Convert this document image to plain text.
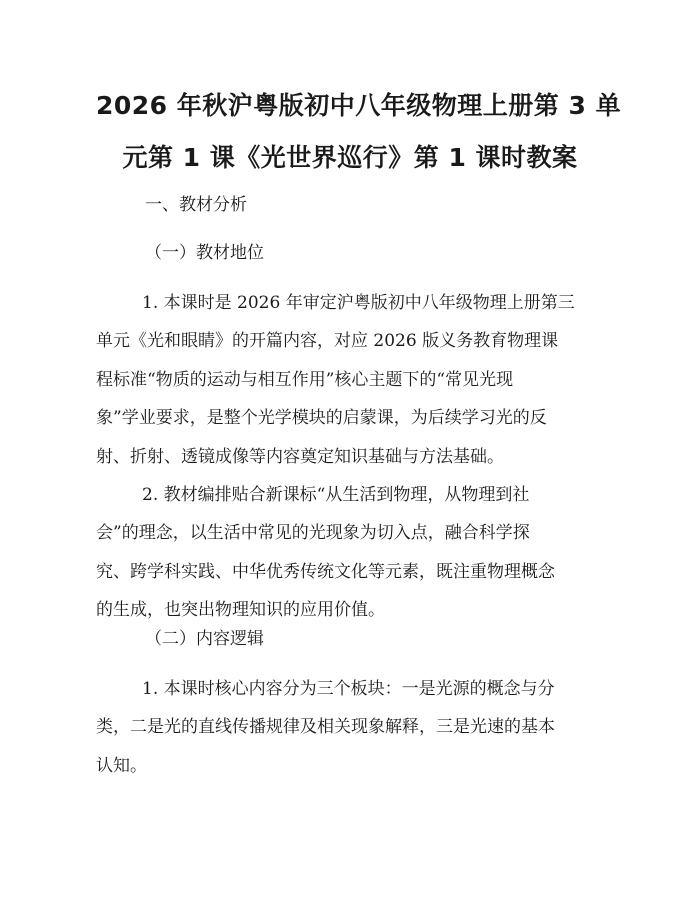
2026 年秋沪粤版初中八年级物理上册第 3 单
元第 1 课《光世界巡行》第 1 课时教案
一、教材分析
（一）教材地位

1. 本课时是 2026 年审定沪粤版初中八年级物理上册第三
单元《光和眼睛》的开篇内容，对应 2026 版义务教育物理课
程标准“物质的运动与相互作用”核心主题下的“常见光现
象”学业要求，是整个光学模块的启蒙课，为后续学习光的反
射、折射、透镜成像等内容奠定知识基础与方法基础。

2. 教材编排贴合新课标“从生活到物理，从物理到社
会”的理念，以生活中常见的光现象为切入点，融合科学探
究、跨学科实践、中华优秀传统文化等元素，既注重物理概念
的生成，也突出物理知识的应用价值。

（二）内容逻辑

1. 本课时核心内容分为三个板块：一是光源的概念与分
类，二是光的直线传播规律及相关现象解释，三是光速的基本
认知。
